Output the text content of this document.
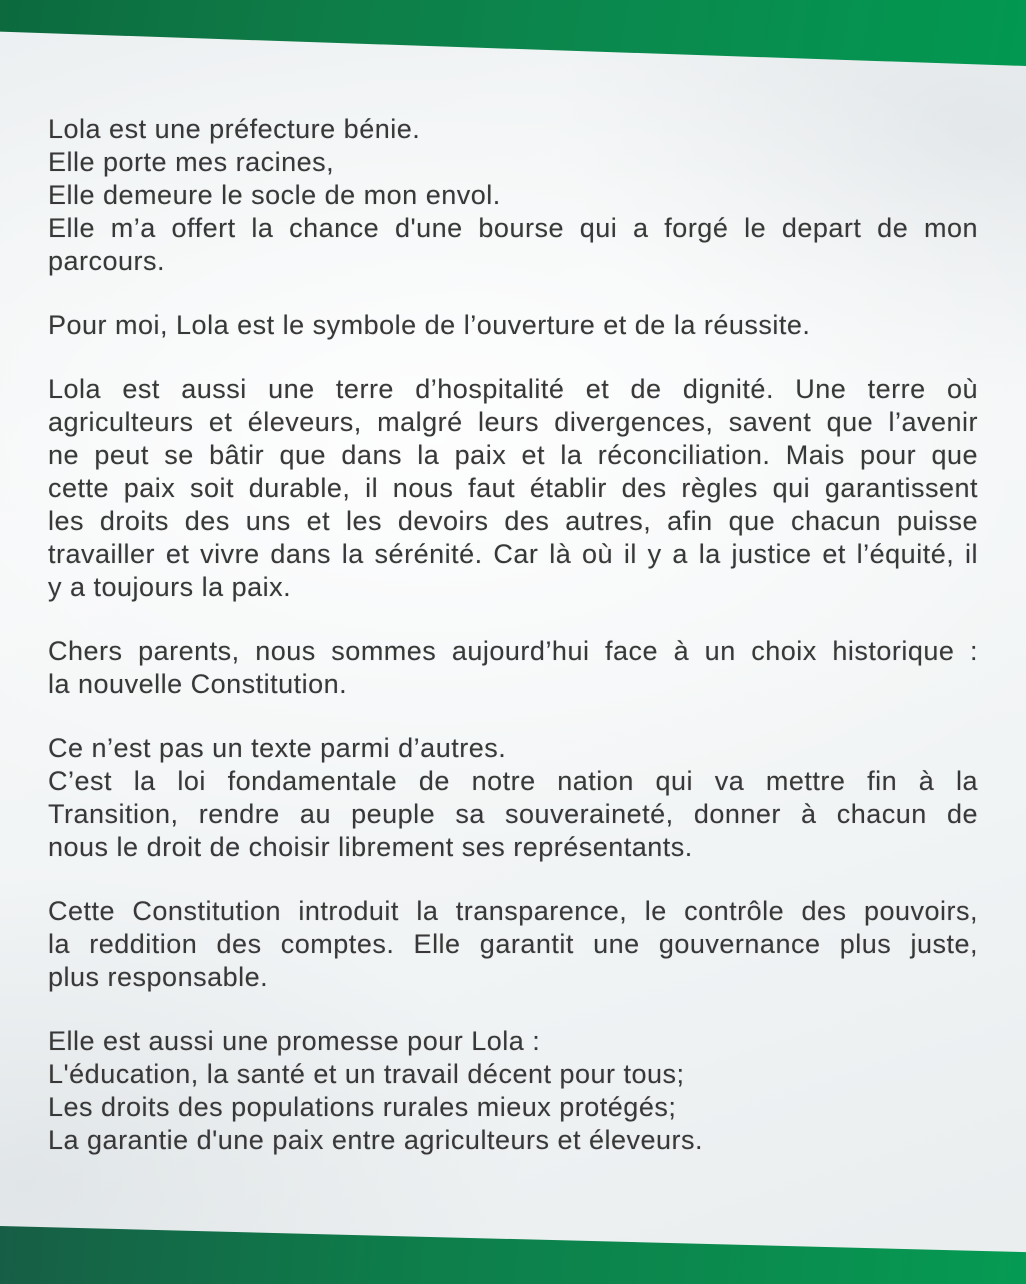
Lola est une préfecture bénie.
Elle porte mes racines,
Elle demeure le socle de mon envol.
Elle m’a offert la chance d'une bourse qui a forgé le depart de mon
parcours.
Pour moi, Lola est le symbole de l’ouverture et de la réussite.
Lola est aussi une terre d’hospitalité et de dignité. Une terre où
agriculteurs et éleveurs, malgré leurs divergences, savent que l’avenir
ne peut se bâtir que dans la paix et la réconciliation. Mais pour que
cette paix soit durable, il nous faut établir des règles qui garantissent
les droits des uns et les devoirs des autres, afin que chacun puisse
travailler et vivre dans la sérénité. Car là où il y a la justice et l’équité, il
y a toujours la paix.
Chers parents, nous sommes aujourd’hui face à un choix historique :
la nouvelle Constitution.
Ce n’est pas un texte parmi d’autres.
C’est la loi fondamentale de notre nation qui va mettre fin à la
Transition, rendre au peuple sa souveraineté, donner à chacun de
nous le droit de choisir librement ses représentants.
Cette Constitution introduit la transparence, le contrôle des pouvoirs,
la reddition des comptes. Elle garantit une gouvernance plus juste,
plus responsable.
Elle est aussi une promesse pour Lola :
L'éducation, la santé et un travail décent pour tous;
Les droits des populations rurales mieux protégés;
La garantie d'une paix entre agriculteurs et éleveurs.
